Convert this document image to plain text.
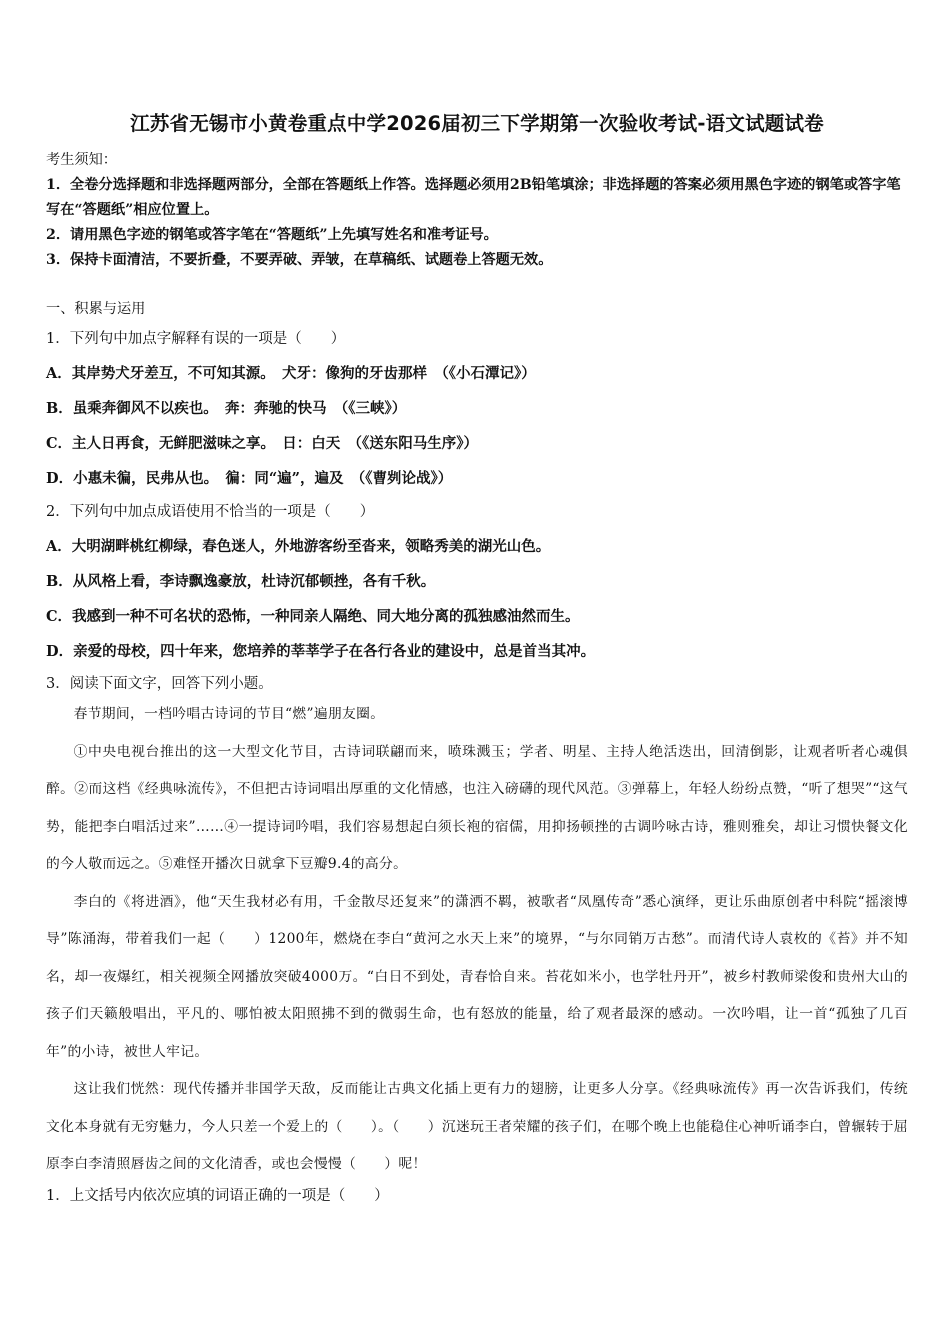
江苏省无锡市小黄卷重点中学2026届初三下学期第一次验收考试-语文试题试卷
考生须知：
1．全卷分选择题和非选择题两部分，全部在答题纸上作答。选择题必须用2B铅笔填涂；非选择题的答案必须用黑色字迹的钢笔或答字笔写在“答题纸”相应位置上。
2．请用黑色字迹的钢笔或答字笔在“答题纸”上先填写姓名和准考证号。
3．保持卡面清洁，不要折叠，不要弄破、弄皱，在草稿纸、试题卷上答题无效。
一、积累与运用
1．下列句中加点字解释有误的一项是（　　）
A．其岸势犬牙差互，不可知其源。　犬牙：像狗的牙齿那样　（《小石潭记》）
B．虽乘奔御风不以疾也。　奔：奔驰的快马　（《三峡》）
C．主人日再食，无鲜肥滋味之享。　日：白天　（《送东阳马生序》）
D．小惠未徧，民弗从也。　徧：同“遍”，遍及　（《曹刿论战》）
2．下列句中加点成语使用不恰当的一项是（　　）
A．大明湖畔桃红柳绿，春色迷人，外地游客纷至沓来，领略秀美的湖光山色。
B．从风格上看，李诗飘逸豪放，杜诗沉郁顿挫，各有千秋。
C．我感到一种不可名状的恐怖，一种同亲人隔绝、同大地分离的孤独感油然而生。
D．亲爱的母校，四十年来，您培养的莘莘学子在各行各业的建设中，总是首当其冲。
3．阅读下面文字，回答下列小题。
春节期间，一档吟唱古诗词的节目“燃”遍朋友圈。
①中央电视台推出的这一大型文化节目，古诗词联翩而来，喷珠溅玉；学者、明星、主持人绝活迭出，回清倒影，让观者听者心魂俱醉。②而这档《经典咏流传》，不但把古诗词唱出厚重的文化情感，也注入磅礴的现代风范。③弹幕上，年轻人纷纷点赞，“听了想哭”“这气势，能把李白唱活过来”……④一提诗词吟唱，我们容易想起白须长袍的宿儒，用抑扬顿挫的古调吟咏古诗，雅则雅矣，却让习惯快餐文化的今人敬而远之。⑤难怪开播次日就拿下豆瓣9.4的高分。
李白的《将进酒》，他“天生我材必有用，千金散尽还复来”的潇洒不羁，被歌者“凤凰传奇”悉心演绎，更让乐曲原创者中科院“摇滚博导”陈涌海，带着我们一起（　　）1200年，燃烧在李白“黄河之水天上来”的境界，“与尔同销万古愁”。而清代诗人袁枚的《苔》并不知名，却一夜爆红，相关视频全网播放突破4000万。“白日不到处，青春恰自来。苔花如米小，也学牡丹开”，被乡村教师梁俊和贵州大山的孩子们天籁般唱出，平凡的、哪怕被太阳照拂不到的微弱生命，也有怒放的能量，给了观者最深的感动。一次吟唱，让一首“孤独了几百年”的小诗，被世人牢记。
这让我们恍然：现代传播并非国学天敌，反而能让古典文化插上更有力的翅膀，让更多人分享。《经典咏流传》再一次告诉我们，传统文化本身就有无穷魅力，今人只差一个爱上的（　　）。（　　）沉迷玩王者荣耀的孩子们，在哪个晚上也能稳住心神听诵李白，曾辗转于屈原李白李清照唇齿之间的文化清香，或也会慢慢（　　）呢！
1．上文括号内依次应填的词语正确的一项是（　　）
